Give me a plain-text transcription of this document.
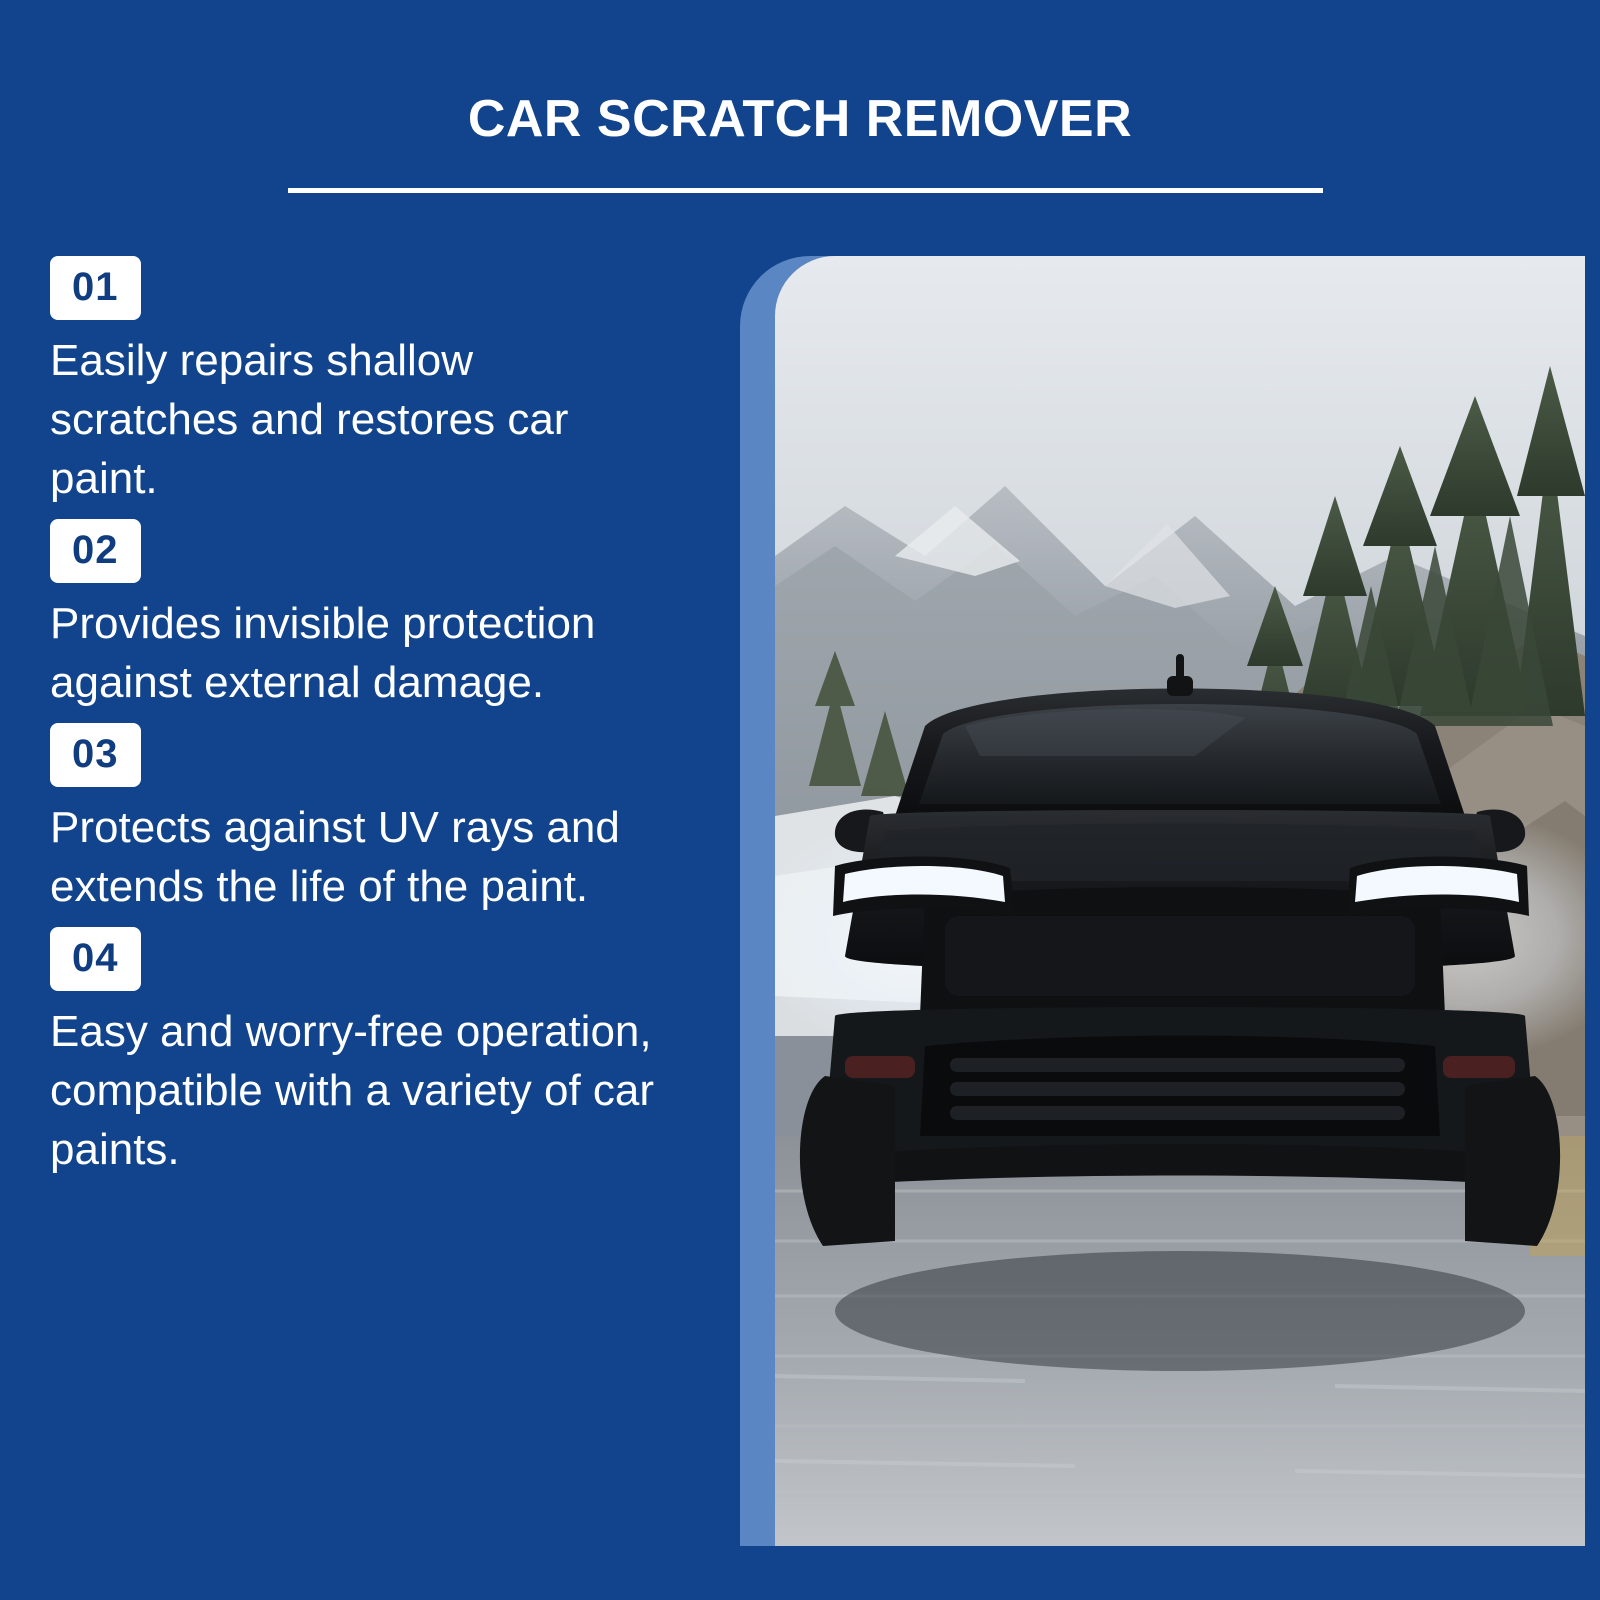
CAR SCRATCH REMOVER
01
Easily repairs shallow scratches and restores car paint.
02
Provides invisible protection against external damage.
03
Protects against UV rays and extends the life of the paint.
04
Easy and worry-free operation, compatible with a variety of car paints.
